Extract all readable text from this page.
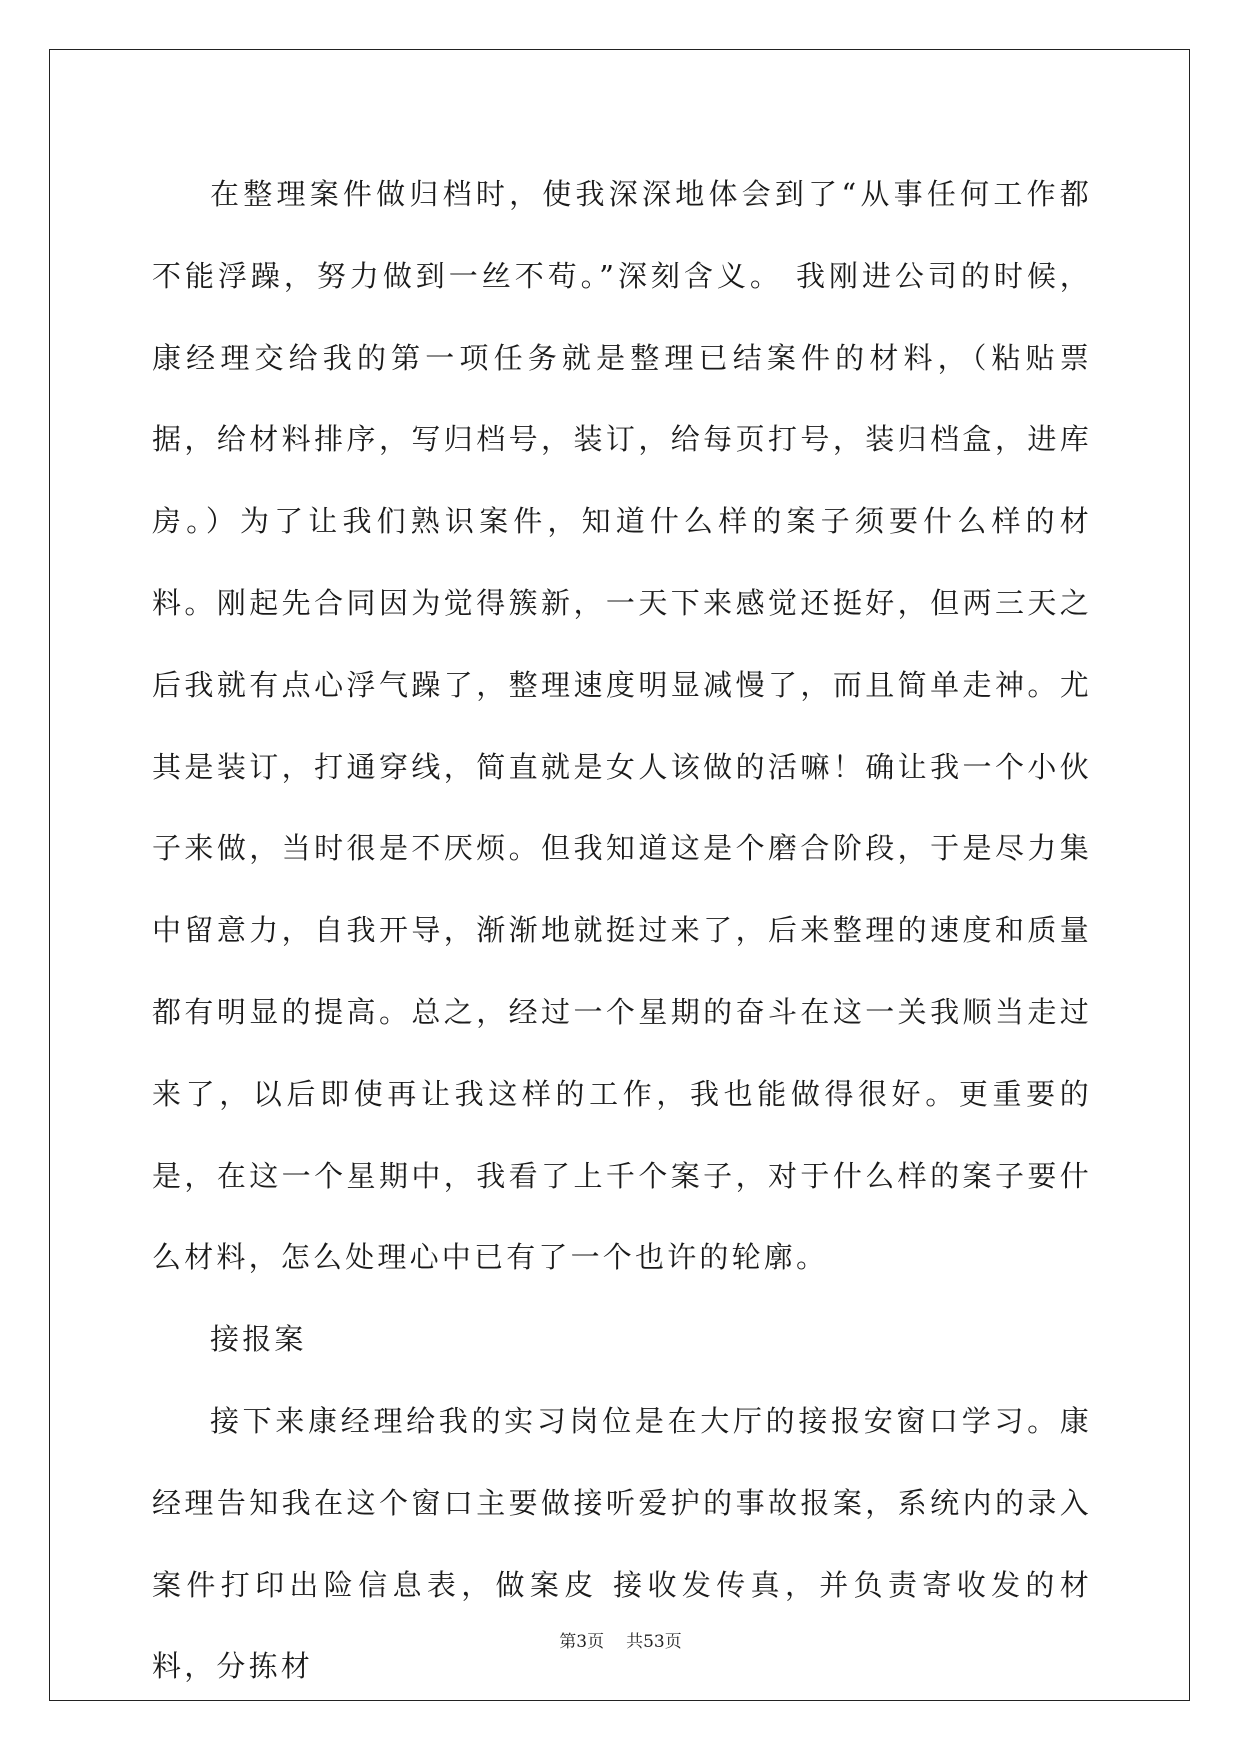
在整理案件做归档时，使我深深地体会到了“从事任何工作都不能浮躁，努力做到一丝不苟。”深刻含义。 我刚进公司的时候，康经理交给我的第一项任务就是整理已结案件的材料，（粘贴票据，给材料排序，写归档号，装订，给每页打号，装归档盒，进库房。）为了让我们熟识案件，知道什么样的案子须要什么样的材料。刚起先合同因为觉得簇新，一天下来感觉还挺好，但两三天之后我就有点心浮气躁了，整理速度明显减慢了，而且简单走神。尤其是装订，打通穿线，简直就是女人该做的活嘛！确让我一个小伙子来做，当时很是不厌烦。但我知道这是个磨合阶段，于是尽力集中留意力，自我开导，渐渐地就挺过来了，后来整理的速度和质量都有明显的提高。总之，经过一个星期的奋斗在这一关我顺当走过来了，以后即使再让我这样的工作，我也能做得很好。更重要的是，在这一个星期中，我看了上千个案子，对于什么样的案子要什么材料，怎么处理心中已有了一个也许的轮廓。

接报案

接下来康经理给我的实习岗位是在大厅的接报安窗口学习。康经理告知我在这个窗口主要做接听爱护的事故报案，系统内的录入案件打印出险信息表，做案皮 接收发传真，并负责寄收发的材料，分拣材

第3页 共53页
